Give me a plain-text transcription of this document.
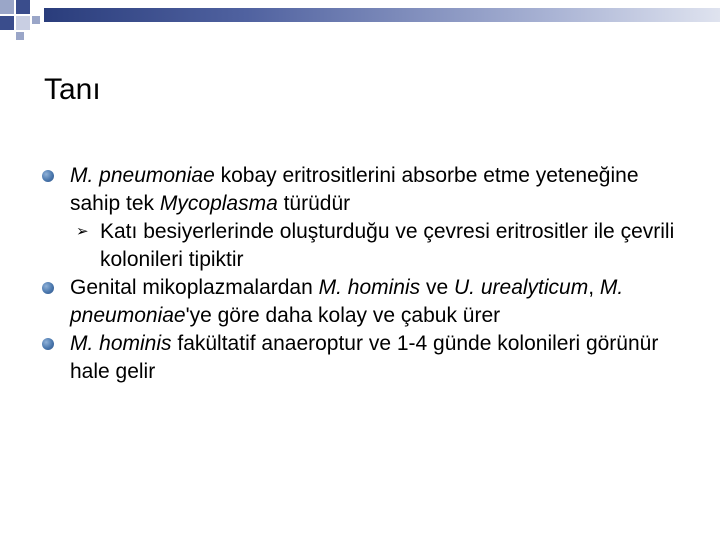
Tanı

M. pneumoniae kobay eritrositlerini absorbe etme yeteneğine sahip tek Mycoplasma türüdür

➢ Katı besiyerlerinde oluşturduğu ve çevresi eritrositler ile çevrili kolonileri tipiktir

Genital mikoplazmalardan M. hominis ve U. urealyticum, M. pneumoniae'ye göre daha kolay ve çabuk ürer

M. hominis fakültatif anaeroptur ve 1-4 günde kolonileri görünür hale gelir
